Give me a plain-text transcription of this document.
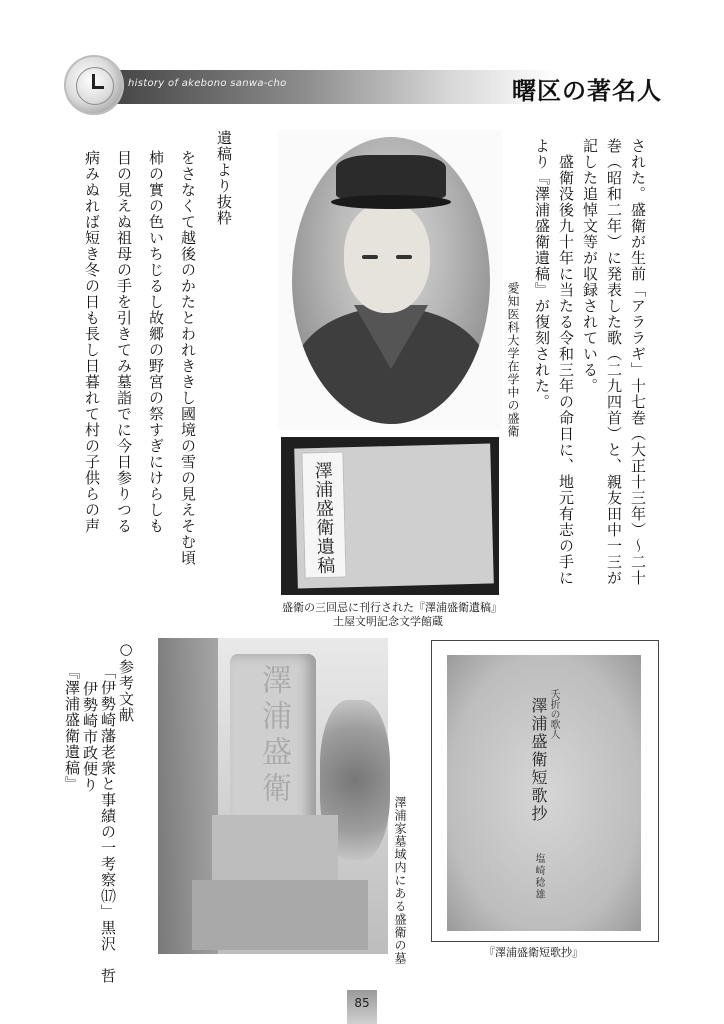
history of akebono sanwa-cho	曙区の著名人
された。盛衛が生前「アララギ」十七巻（大正十三年）〜二十
巻（昭和二年）に発表した歌（二九四首）と、親友田中一三が
記した追悼文等が収録されている。
　盛衛没後九十年に当たる令和三年の命日に、地元有志の手に
より『澤浦盛衛遺稿』が復刻された。
愛知医科大学在学中の盛衛
澤浦盛衛遺稿
盛衛の三回忌に刊行された『澤浦盛衛遺稿』
土屋文明記念文学館蔵
遺稿より抜粋
をさなくて越後のかたとわれききし國境の雪の見えそむ頃
柿の實の色いちじるし故郷の野宮の祭すぎにけらしも
目の見えぬ祖母の手を引きてみ墓詣でに今日参りつる
病みぬれば短き冬の日も長し日暮れて村の子供らの声
○参考文献
「伊勢崎藩老衆と事績の一考察⒄」黒沢　哲
伊勢崎市政便り
『澤浦盛衛遺稿』	澤浦盛衛
澤浦家墓域内にある盛衛の墓
夭折の歌人
澤浦盛衛短歌抄
塩崎稔雄
『澤浦盛衛短歌抄』
85
